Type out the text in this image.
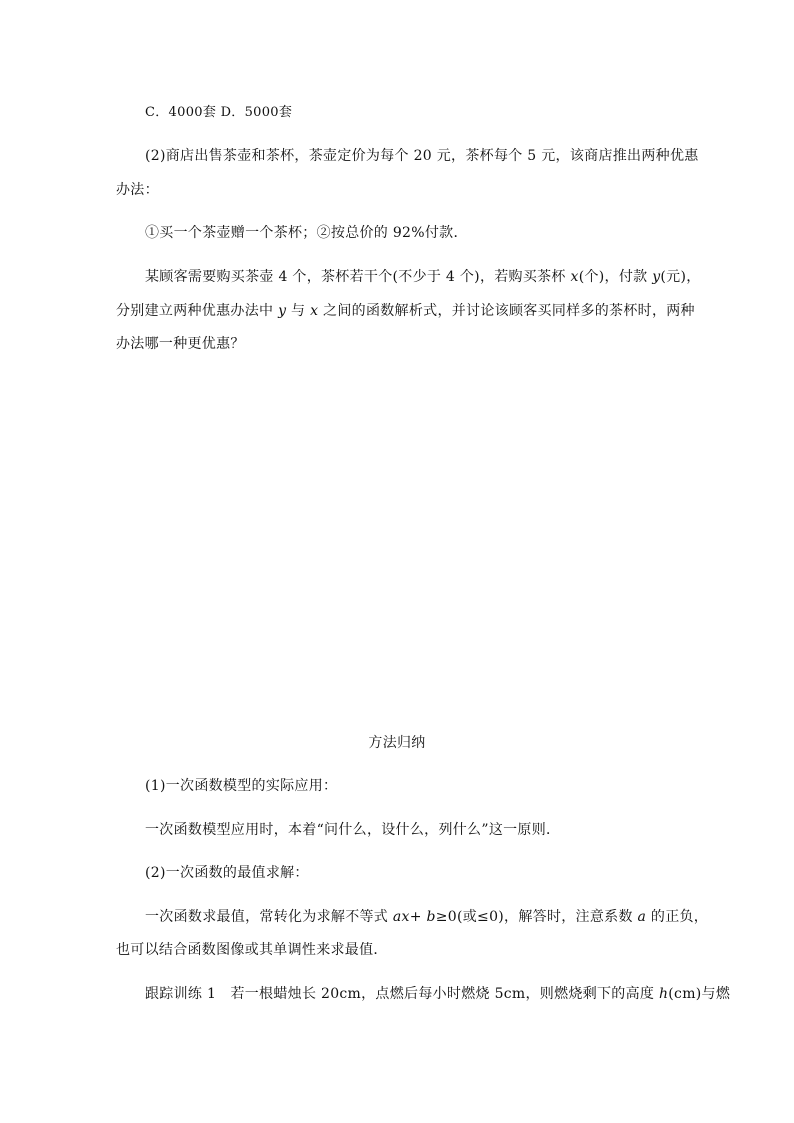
C．4000套 D．5000套
(2)商店出售茶壶和茶杯，茶壶定价为每个 20 元，茶杯每个 5 元，该商店推出两种优惠
办法：
①买一个茶壶赠一个茶杯；②按总价的 92%付款．
某顾客需要购买茶壶 4 个，茶杯若干个(不少于 4 个)，若购买茶杯 x(个)，付款 y(元)，
分别建立两种优惠办法中 y 与 x 之间的函数解析式，并讨论该顾客买同样多的茶杯时，两种
办法哪一种更优惠？
方法归纳
(1)一次函数模型的实际应用：
一次函数模型应用时，本着“问什么，设什么，列什么”这一原则．
(2)一次函数的最值求解：
一次函数求最值，常转化为求解不等式 ax+ b≥0(或≤0)，解答时，注意系数 a 的正负，
也可以结合函数图像或其单调性来求最值．
跟踪训练 1　若一根蜡烛长 20cm，点燃后每小时燃烧 5cm，则燃烧剩下的高度 h(cm)与燃
